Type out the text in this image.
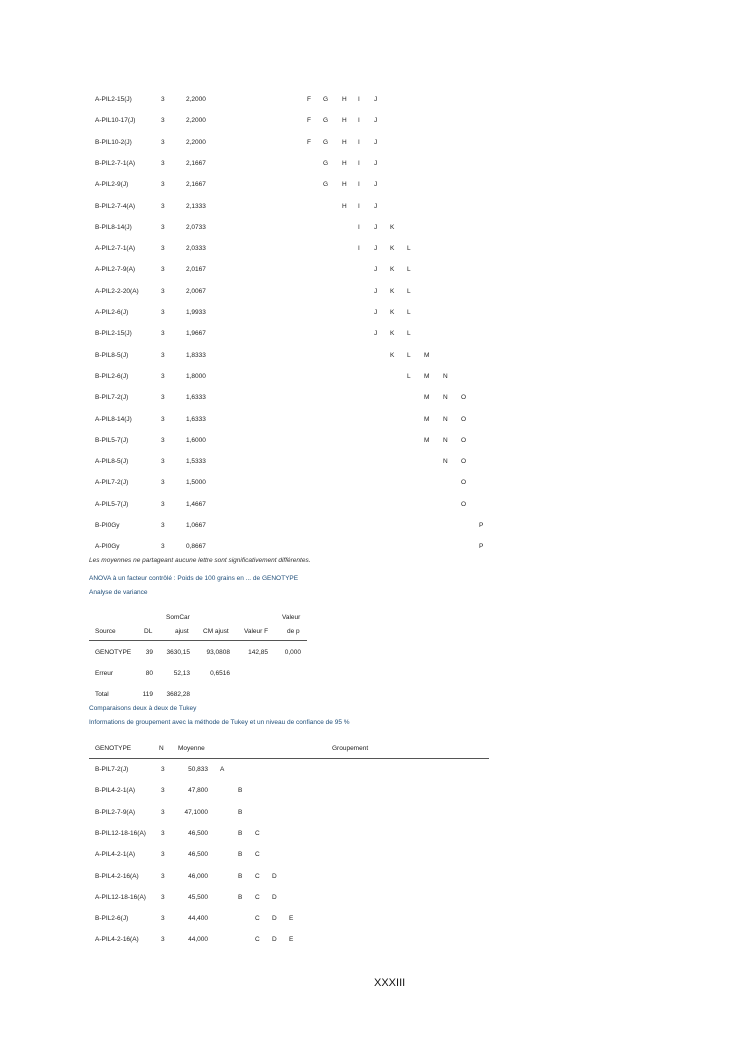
A-PIL2-15(J)	3	2,2000	F G H I J
A-PIL10-17(J)	3	2,2000	F G H I J
B-PIL10-2(J)	3	2,2000	F G H I J
B-PIL2-7-1(A)	3	2,1667	G H I J
A-PIL2-9(J)	3	2,1667	G H I J
B-PIL2-7-4(A)	3	2,1333	H I J
B-PIL8-14(J)	3	2,0733	I J K
A-PIL2-7-1(A)	3	2,0333	I J K L
A-PIL2-7-9(A)	3	2,0167	J K L
A-PIL2-2-20(A)	3	2,0067	J K L
A-PIL2-6(J)	3	1,9933	J K L
B-PIL2-15(J)	3	1,9667	J K L
B-PIL8-5(J)	3	1,8333	K L M
B-PIL2-6(J)	3	1,8000	L M N
B-PIL7-2(J)	3	1,6333	M N O
A-PIL8-14(J)	3	1,6333	M N O
B-PIL5-7(J)	3	1,6000	M N O
A-PIL8-5(J)	3	1,5333	N O
A-PIL7-2(J)	3	1,5000	O
A-PIL5-7(J)	3	1,4667	O
B-PI0Gy	3	1,0667	P
A-PI0Gy	3	0,8667	P
Les moyennes ne partageant aucune lettre sont significativement différentes.
ANOVA à un facteur contrôlé : Poids de 100 grains en ... de GENOTYPE
Analyse de variance
SomCar	Valeur
Source	DL	ajust CM ajust Valeur F	de p
GENOTYPE 39 3630,15	93,0808	142,85	0,000
Erreur	80	52,13	0,6516
Total	119 3682,28
Comparaisons deux à deux de Tukey
Informations de groupement avec la méthode de Tukey et un niveau de confiance de 95 %
GENOTYPE	N Moyenne	Groupement
B-PIL7-2(J)	3	50,833 A
B-PIL4-2-1(A)	3	47,800	B
B-PIL2-7-9(A)	3	47,1000	B
B-PIL12-18-16(A) 3	46,500	B C
A-PIL4-2-1(A)	3	46,500	B C
B-PIL4-2-16(A)	3	46,000	B C D
A-PIL12-18-16(A) 3	45,500	B C D
B-PIL2-6(J)	3	44,400	C D E
A-PIL4-2-16(A)	3	44,000	C D E
XXXIII
